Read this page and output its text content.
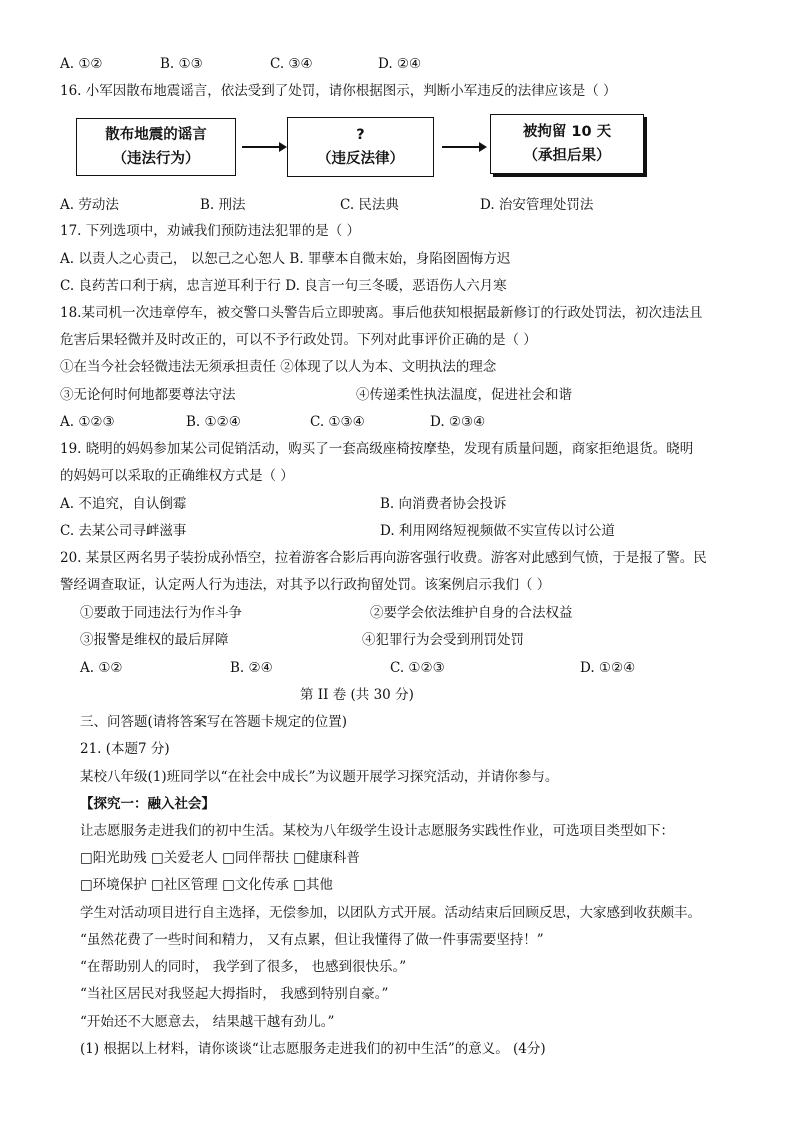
A. ①②	B. ①③	C. ③④	D. ②④
16. 小军因散布地震谣言，依法受到了处罚，请你根据图示，判断小军违反的法律应该是（ ）
散布地震的谣言
（违法行为）
?
（违反法律）
被拘留 10 天
（承担后果）
A. 劳动法	B. 刑法	C. 民法典	D. 治安管理处罚法
17. 下列选项中，劝诫我们预防违法犯罪的是（ ）
A. 以责人之心责己， 以恕己之心恕人 B. 罪孽本自微末始，身陷囹圄悔方迟
C. 良药苦口利于病，忠言逆耳利于行 D. 良言一句三冬暖，恶语伤人六月寒
18.某司机一次违章停车，被交警口头警告后立即驶离。事后他获知根据最新修订的行政处罚法，初次违法且
危害后果轻微并及时改正的，可以不予行政处罚。下列对此事评价正确的是（ ）
①在当今社会轻微违法无须承担责任 ②体现了以人为本、文明执法的理念
③无论何时何地都要尊法守法	④传递柔性执法温度，促进社会和谐
A. ①②③	B. ①②④	C. ①③④	D. ②③④
19. 晓明的妈妈参加某公司促销活动，购买了一套高级座椅按摩垫，发现有质量问题，商家拒绝退货。晓明
的妈妈可以采取的正确维权方式是（ ）
A. 不追究，自认倒霉	B. 向消费者协会投诉
C. 去某公司寻衅滋事	D. 利用网络短视频做不实宣传以讨公道
20. 某景区两名男子装扮成孙悟空，拉着游客合影后再向游客强行收费。游客对此感到气愤，于是报了警。民
警经调查取证，认定两人行为违法，对其予以行政拘留处罚。该案例启示我们（ ）
①要敢于同违法行为作斗争	②要学会依法维护自身的合法权益
③报警是维权的最后屏障	④犯罪行为会受到刑罚处罚
A. ①②	B. ②④	C. ①②③	D. ①②④
第 II 卷 (共 30 分)
三、问答题(请将答案写在答题卡规定的位置)
21. (本题7 分)
某校八年级(1)班同学以“在社会中成长”为议题开展学习探究活动，并请你参与。
【探究一：融入社会】
让志愿服务走进我们的初中生活。某校为八年级学生设计志愿服务实践性作业，可选项目类型如下：
□阳光助残 □关爱老人 □同伴帮扶 □健康科普
□环境保护 □社区管理 □文化传承 □其他
学生对活动项目进行自主选择，无偿参加，以团队方式开展。活动结束后回顾反思，大家感到收获颇丰。
“虽然花费了一些时间和精力， 又有点累，但让我懂得了做一件事需要坚持！”
“在帮助别人的同时， 我学到了很多， 也感到很快乐。”
“当社区居民对我竖起大拇指时， 我感到特别自豪。”
“开始还不大愿意去， 结果越干越有劲儿。”
(1) 根据以上材料，请你谈谈“让志愿服务走进我们的初中生活”的意义。 (4分)
